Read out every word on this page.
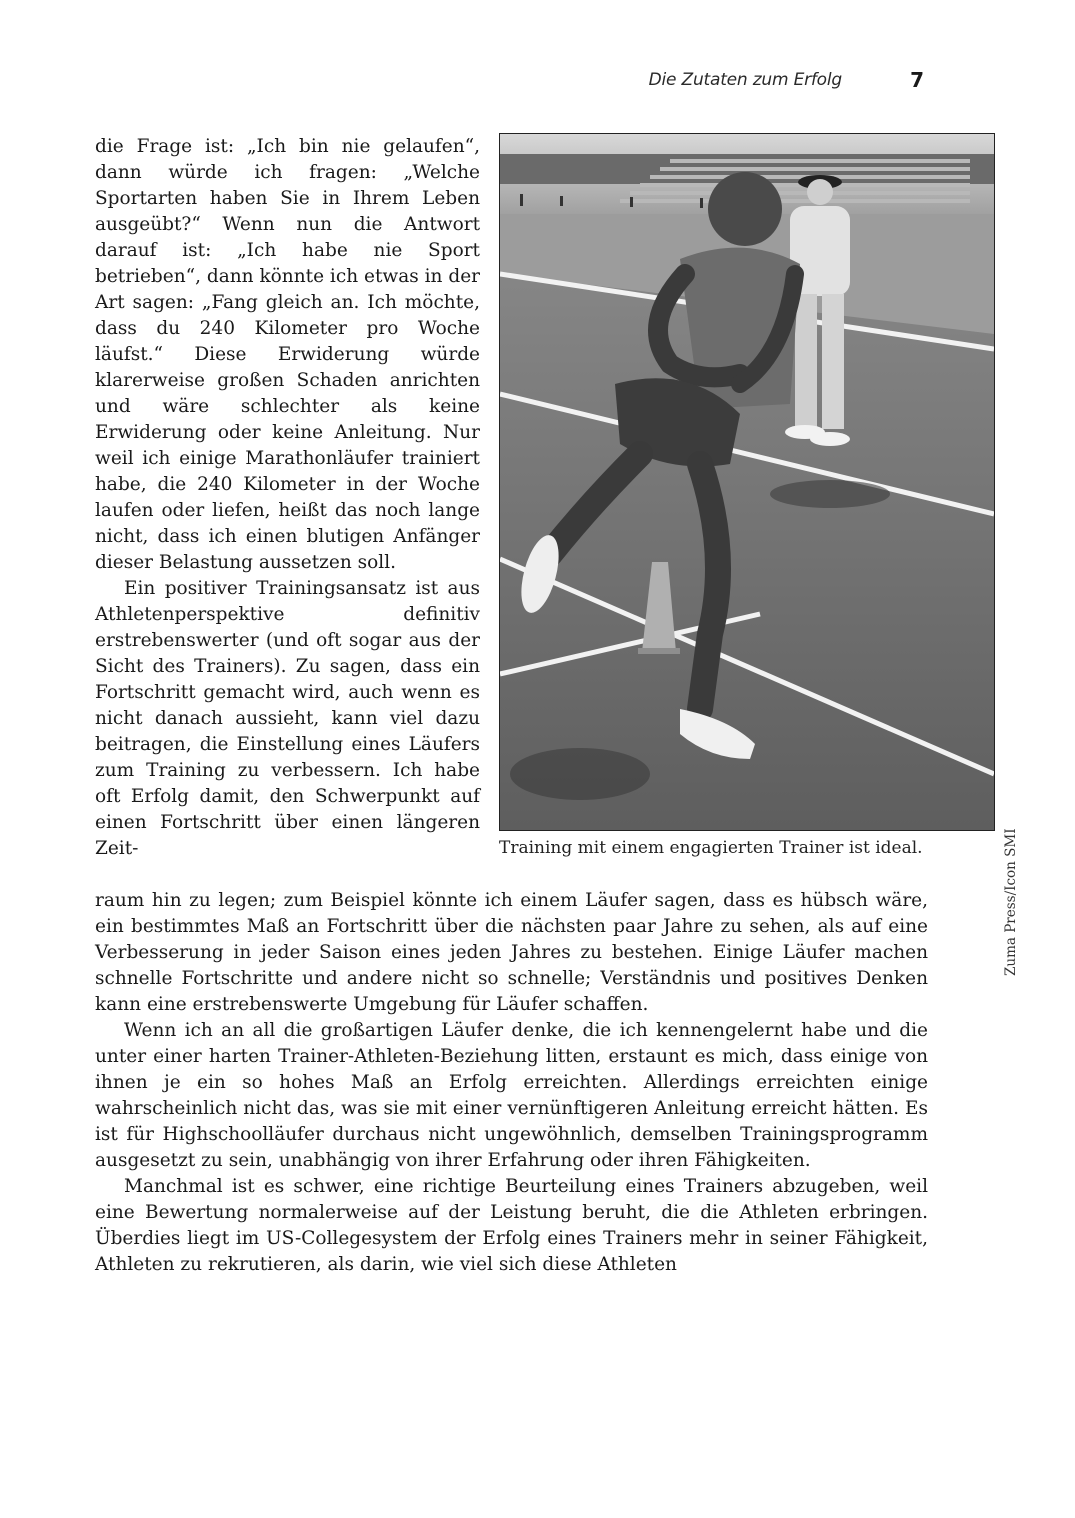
Die Zutaten zum Erfolg	7

die Frage ist: „Ich bin nie gelaufen“, dann würde ich fragen: „Welche Sportarten haben Sie in Ihrem Leben ausgeübt?“ Wenn nun die Antwort darauf ist: „Ich habe nie Sport betrieben“, dann könnte ich etwas in der Art sagen: „Fang gleich an. Ich möchte, dass du 240 Kilometer pro Woche läufst.“ Diese Erwiderung würde klarerweise großen Schaden anrichten und wäre schlechter als keine Erwiderung oder keine Anleitung. Nur weil ich einige Marathonläufer trainiert habe, die 240 Kilometer in der Woche laufen oder liefen, heißt das noch lange nicht, dass ich einen blutigen Anfänger dieser Belastung aussetzen soll.

Ein positiver Trainingsansatz ist aus Athletenperspektive definitiv erstrebenswerter (und oft sogar aus der Sicht des Trainers). Zu sagen, dass ein Fortschritt gemacht wird, auch wenn es nicht danach aussieht, kann viel dazu beitragen, die Einstellung eines Läufers zum Training zu verbessern. Ich habe oft Erfolg damit, den Schwerpunkt auf einen Fortschritt über einen längeren Zeit-	Training mit einem engagierten Trainer ist ideal.	Zuma Press/Icon SMI

raum hin zu legen; zum Beispiel könnte ich einem Läufer sagen, dass es hübsch wäre, ein bestimmtes Maß an Fortschritt über die nächsten paar Jahre zu sehen, als auf eine Verbesserung in jeder Saison eines jeden Jahres zu bestehen. Einige Läufer machen schnelle Fortschritte und andere nicht so schnelle; Verständnis und positives Denken kann eine erstrebenswerte Umgebung für Läufer schaffen.

Wenn ich an all die großartigen Läufer denke, die ich kennengelernt habe und die unter einer harten Trainer-Athleten-Beziehung litten, erstaunt es mich, dass einige von ihnen je ein so hohes Maß an Erfolg erreichten. Allerdings erreichten einige wahrscheinlich nicht das, was sie mit einer vernünftigeren Anleitung erreicht hätten. Es ist für Highschoolläufer durchaus nicht ungewöhnlich, demselben Trainingsprogramm ausgesetzt zu sein, unabhängig von ihrer Erfahrung oder ihren Fähigkeiten.

Manchmal ist es schwer, eine richtige Beurteilung eines Trainers abzugeben, weil eine Bewertung normalerweise auf der Leistung beruht, die die Athleten erbringen. Überdies liegt im US-Collegesystem der Erfolg eines Trainers mehr in seiner Fähigkeit, Athleten zu rekrutieren, als darin, wie viel sich diese Athleten
